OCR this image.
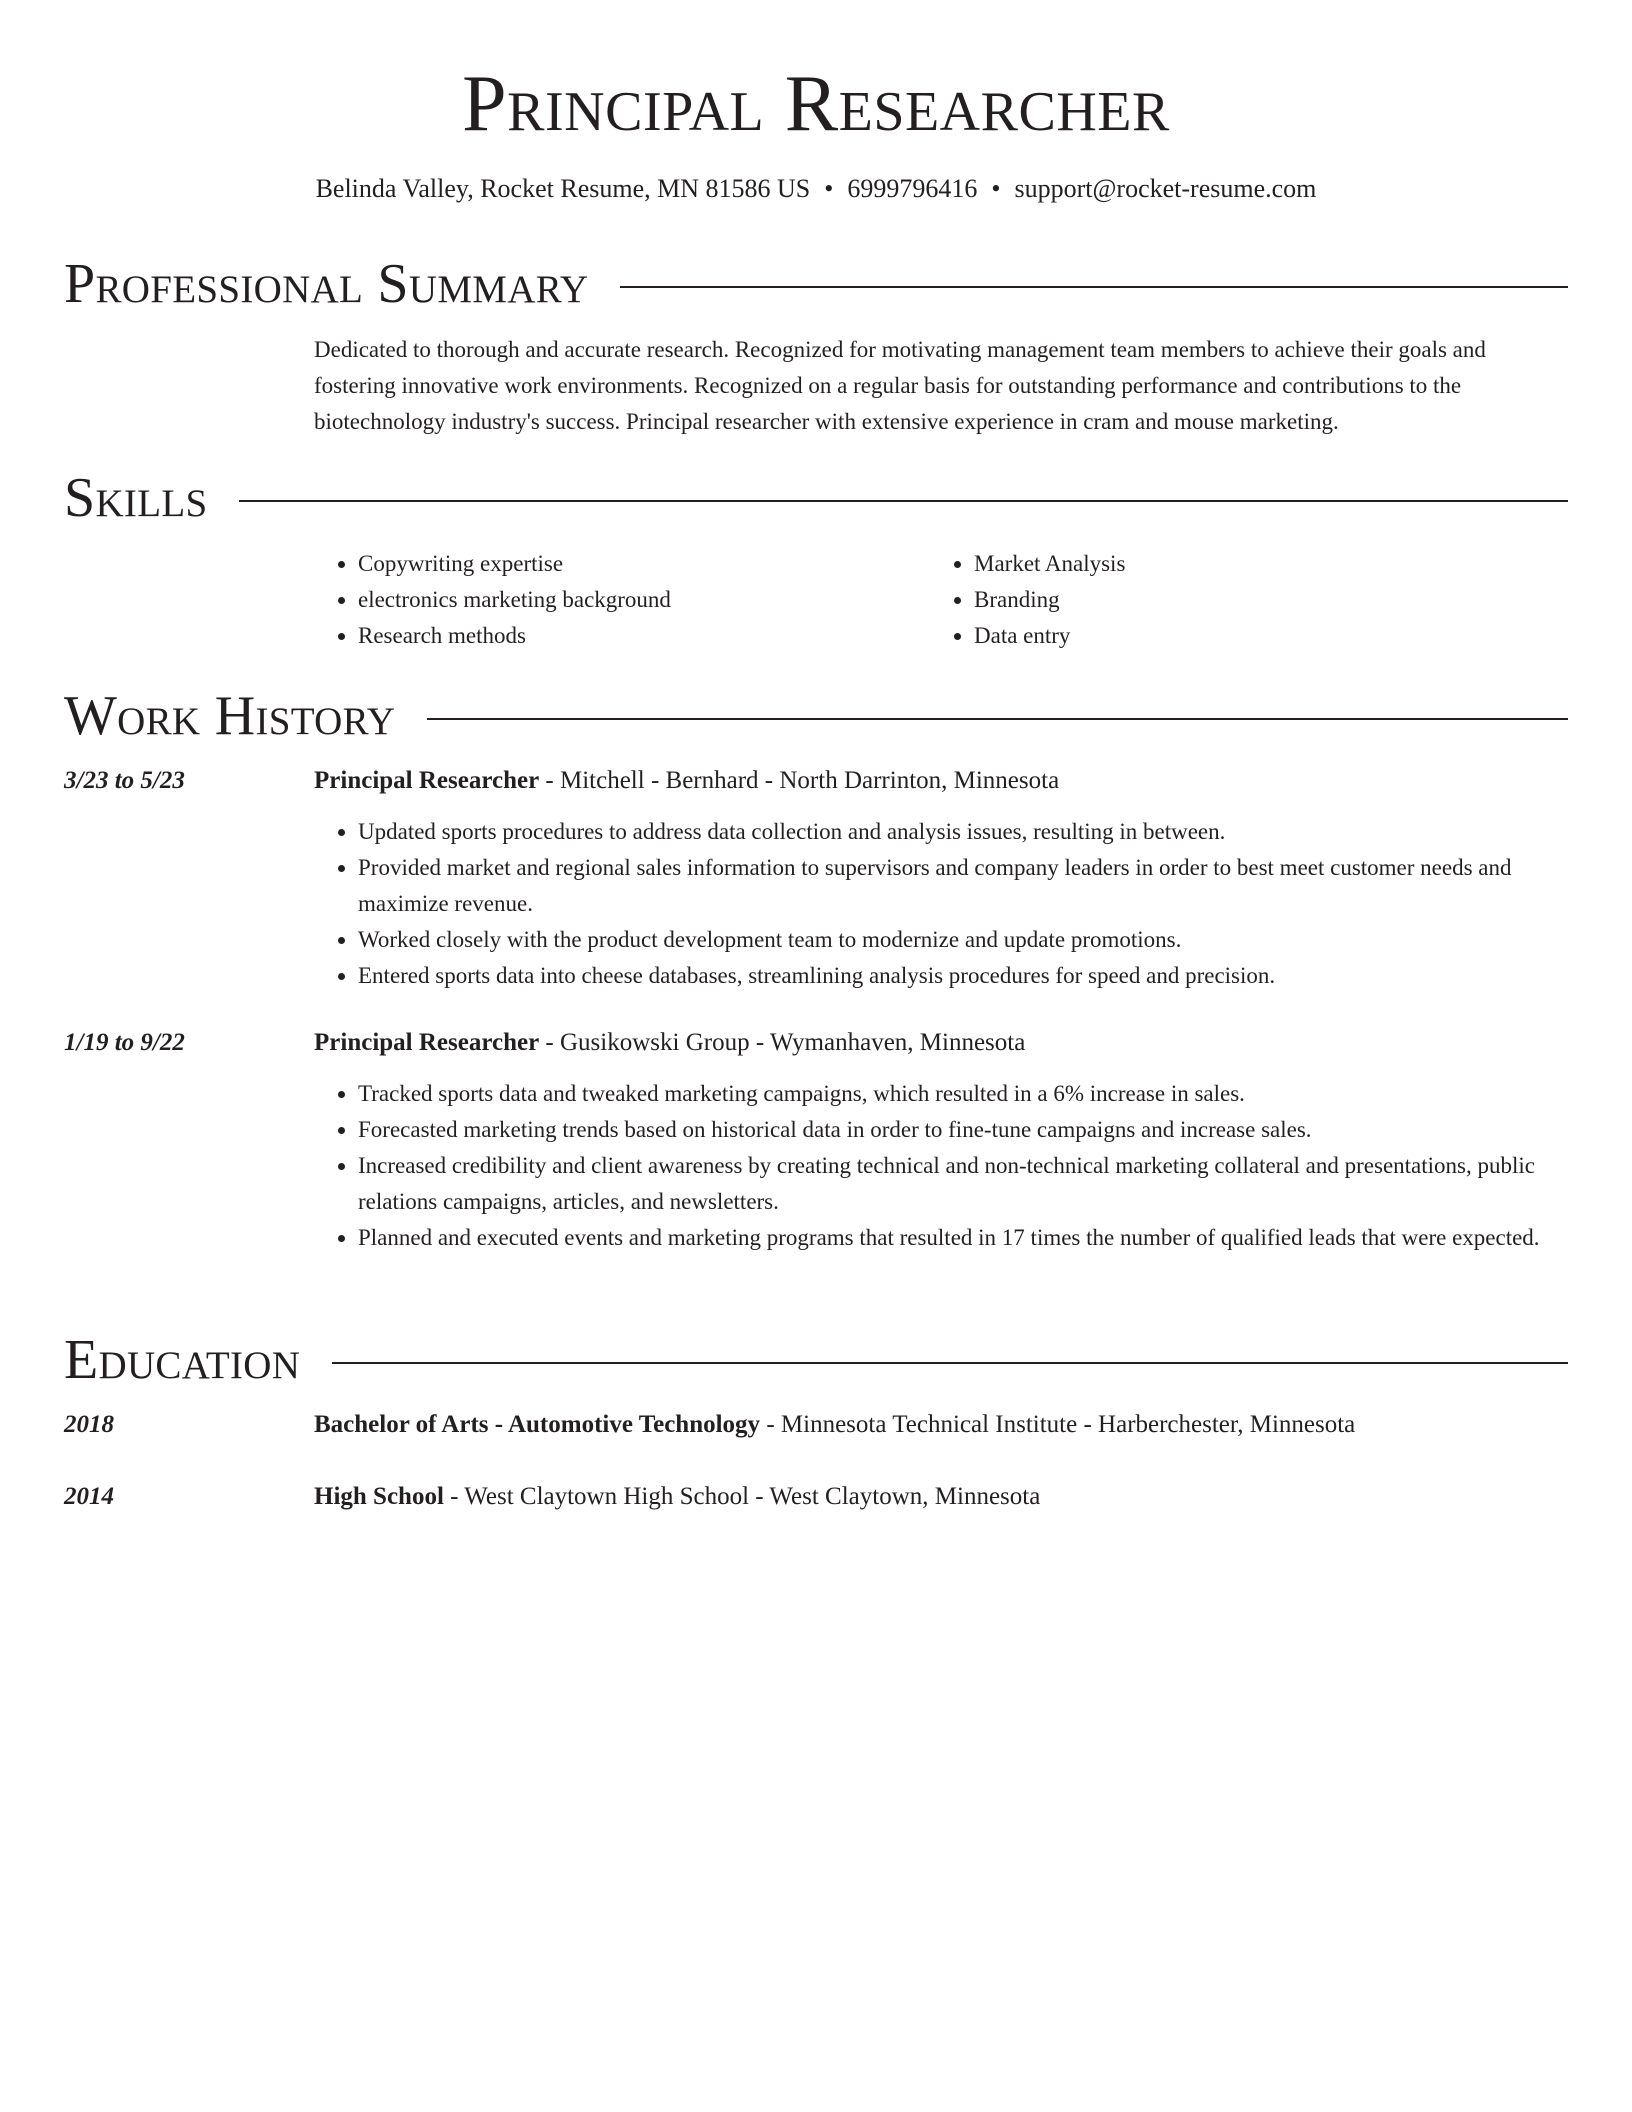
Principal Researcher
Belinda Valley, Rocket Resume, MN 81586 US • 6999796416 • support@rocket-resume.com
Professional Summary

Dedicated to thorough and accurate research. Recognized for motivating management team members to achieve their goals and fostering innovative work environments. Recognized on a regular basis for outstanding performance and contributions to the biotechnology industry's success. Principal researcher with extensive experience in cram and mouse marketing.

Skills
• Copywriting expertise
• electronics marketing background
• Research methods
• Market Analysis
• Branding
• Data entry
Work History
3/23 to 5/23	Principal Researcher - Mitchell - Bernhard - North Darrinton, Minnesota
• Updated sports procedures to address data collection and analysis issues, resulting in between.
• Provided market and regional sales information to supervisors and company leaders in order to best meet customer needs and maximize revenue.
• Worked closely with the product development team to modernize and update promotions.
• Entered sports data into cheese databases, streamlining analysis procedures for speed and precision.
1/19 to 9/22	Principal Researcher - Gusikowski Group - Wymanhaven, Minnesota
• Tracked sports data and tweaked marketing campaigns, which resulted in a 6% increase in sales.
• Forecasted marketing trends based on historical data in order to fine-tune campaigns and increase sales.
• Increased credibility and client awareness by creating technical and non-technical marketing collateral and presentations, public relations campaigns, articles, and newsletters.
• Planned and executed events and marketing programs that resulted in 17 times the number of qualified leads that were expected.
Education
2018	Bachelor of Arts - Automotive Technology - Minnesota Technical Institute - Harberchester, Minnesota
2014	High School - West Claytown High School - West Claytown, Minnesota
